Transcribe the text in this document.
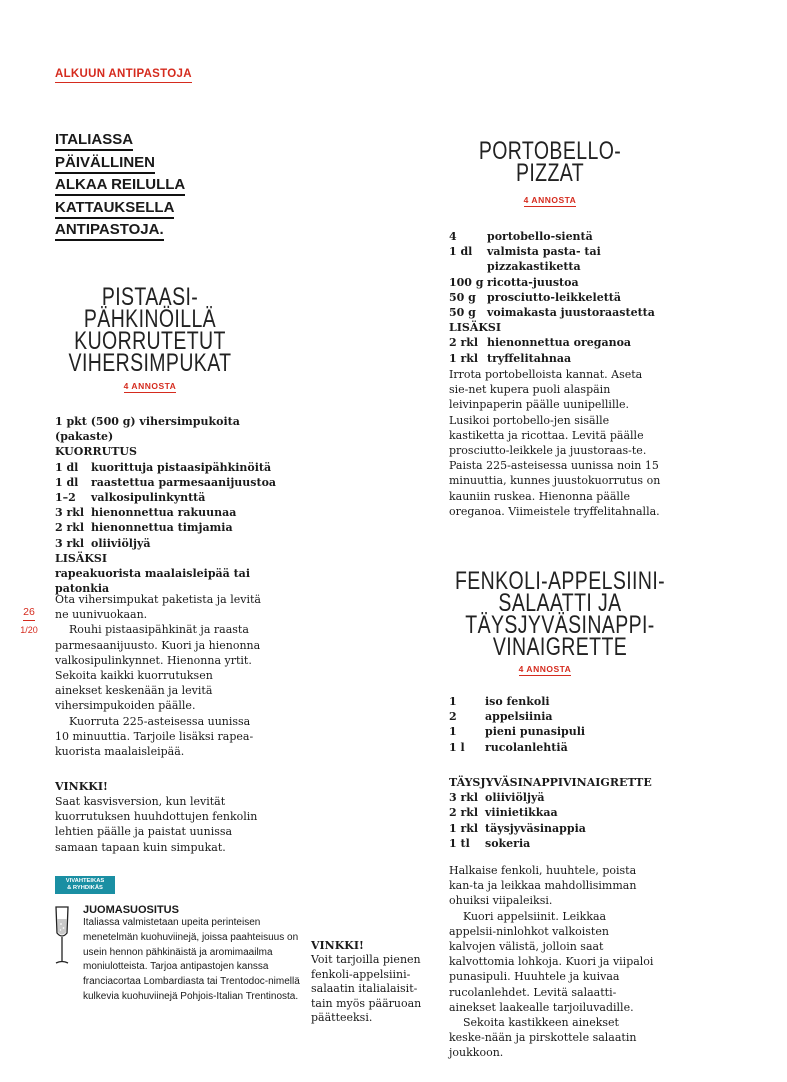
ALKUUN ANTIPASTOJA
ITALIASSA
PÄIVÄLLINEN
ALKAA REILULLA
KATTAUKSELLA
ANTIPASTOJA.
26
1/20
PISTAASI-
PÄHKINÖILLÄ
KUORRUTETUT
VIHERSIMPUKAT
4 ANNOSTA
1 pkt (500 g) vihersimpukoita (pakaste)
KUORRUTUS
1 dl	kuorittuja pistaasipähkinöitä
1 dl	raastettua parmesaanijuustoa
1–2	valkosipulinkynttä
3 rkl hienonnettua rakuunaa
2 rkl hienonnettua timjamia
3 rkl oliiviöljyä
LISÄKSI
rapeakuorista maalaisleipää tai patonkia

Ota vihersimpukat paketista ja levitä ne uunivuokaan.

Rouhi pistaasipähkinät ja raasta parmesaanijuusto. Kuori ja hienonna valkosipulinkynnet. Hienonna yrtit. Sekoita kaikki kuorrutuksen ainekset keskenään ja levitä vihersimpukoiden päälle.

Kuorruta 225-asteisessa uunissa 10 minuuttia. Tarjoile lisäksi rapea-kuorista maalaisleipää.

VINKKI!
Saat kasvisversion, kun levität kuorrutuksen huuhdottujen fenkolin lehtien päälle ja paistat uunissa samaan tapaan kuin simpukat.
VIVAHTEIKAS
& RYHDIKÄS
JUOMASUOSITUS
Italiassa valmistetaan upeita perinteisen menetelmän kuohuviinejä, joissa paahteisuus on usein hennon pähkinäistä ja aromimaailma moniulotteista. Tarjoa antipastojen kanssa franciacortaa Lombardiasta tai Trentodoc-nimellä kulkevia kuohuviinejä Pohjois-Italian Trentinosta.
VINKKI!
Voit tarjoilla pienen fenkoli-appelsiini-salaatin italialaisit-tain myös pääruoan päätteeksi.
PORTOBELLO-
PIZZAT
4 ANNOSTA
4	portobello-sientä
1 dl	valmista pasta- tai pizzakastiketta
100 g ricotta-juustoa
50 g	prosciutto-leikkelettä
50 g	voimakasta juustoraastetta
LISÄKSI
2 rkl hienonnettua oreganoa
1 rkl tryffelitahnaa

Irrota portobelloista kannat. Aseta sie-net kupera puoli alaspäin leivinpaperin päälle uunipellille. Lusikoi portobello-jen sisälle kastiketta ja ricottaa. Levitä päälle prosciutto-leikkele ja juustoraas-te. Paista 225-asteisessa uunissa noin 15 minuuttia, kunnes juustokuorrutus on kauniin ruskea. Hienonna päälle oreganoa. Viimeistele tryffelitahnalla.

FENKOLI-APPELSIINI-
SALAATTI JA
TÄYSJYVÄSINAPPI-
VINAIGRETTE
4 ANNOSTA
1	iso fenkoli
2	appelsiinia
1	pieni punasipuli
1 l	rucolanlehtiä
TÄYSJYVÄSINAPPIVINAIGRETTE
3 rkl oliiviöljyä
2 rkl viinietikkaa
1 rkl täysjyväsinappia
1 tl	sokeria

Halkaise fenkoli, huuhtele, poista kan-ta ja leikkaa mahdollisimman ohuiksi viipaleiksi.

Kuori appelsiinit. Leikkaa appelsii-ninlohkot valkoisten kalvojen välistä, jolloin saat kalvottomia lohkoja. Kuori ja viipaloi punasipuli. Huuhtele ja kuivaa rucolanlehdet. Levitä salaatti-ainekset laakealle tarjoiluvadille.

Sekoita kastikkeen ainekset keske-nään ja pirskottele salaatin joukkoon.
